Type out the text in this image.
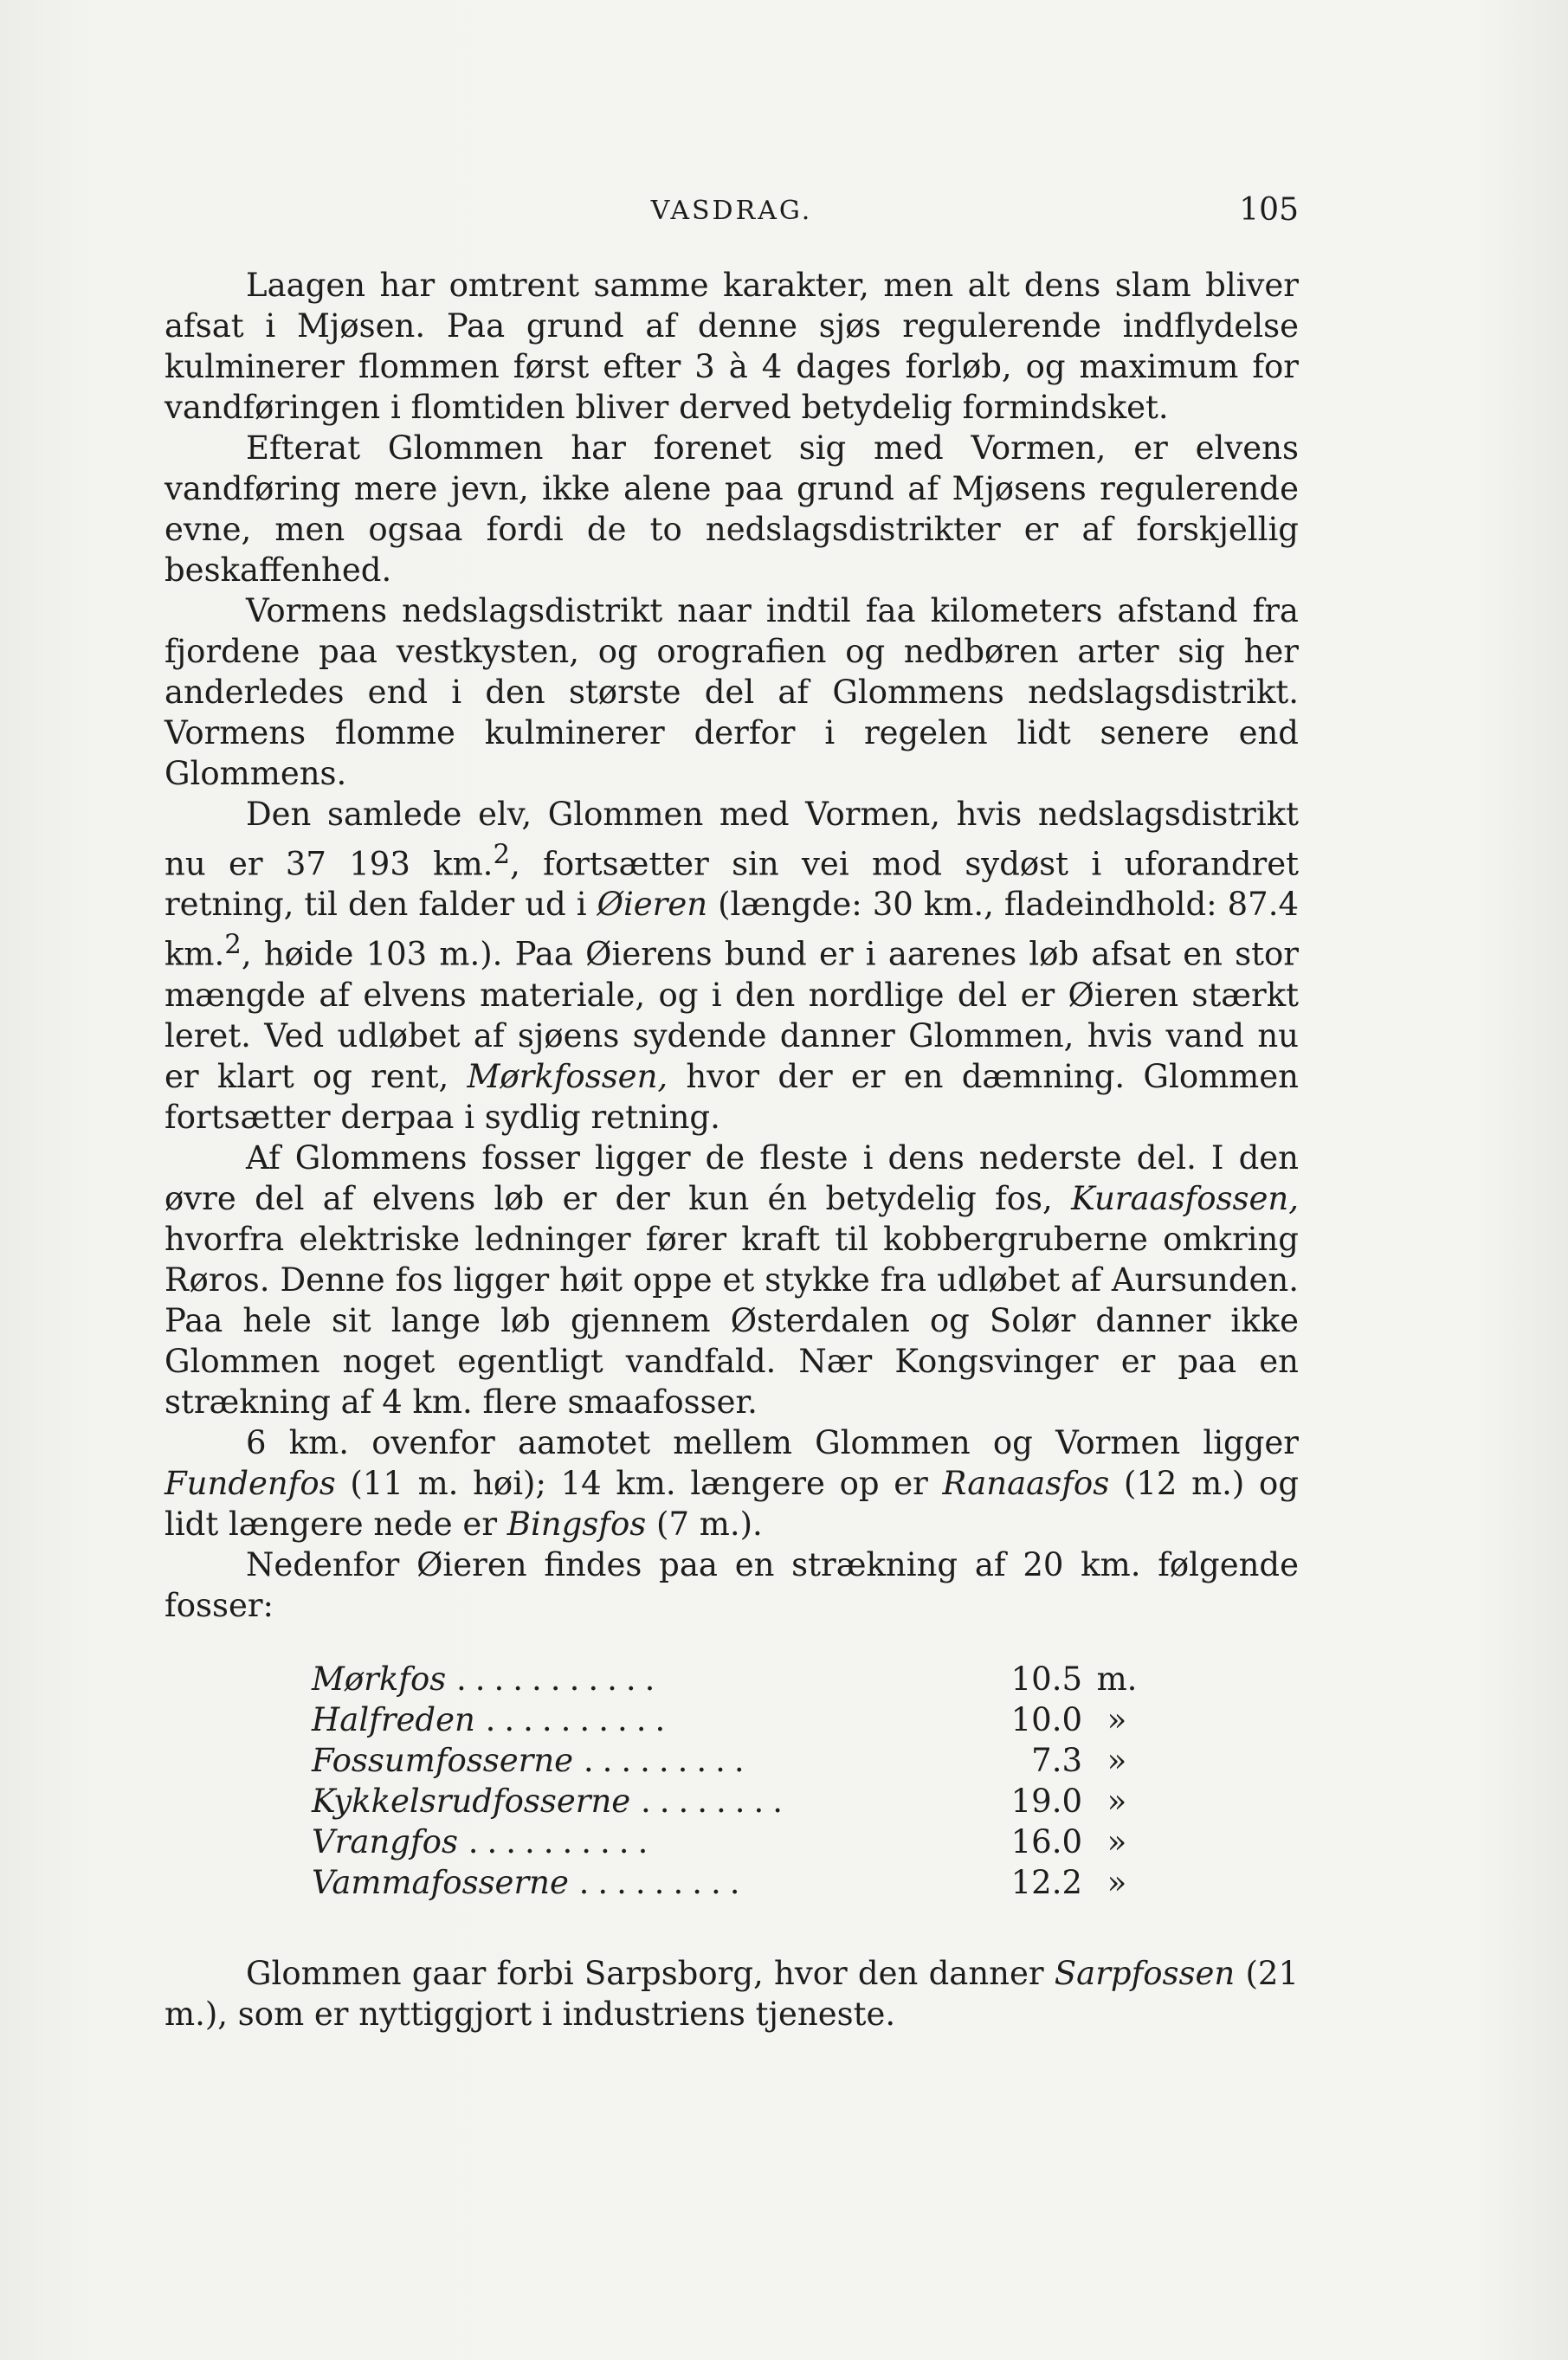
VASDRAG.	105

Laagen har omtrent samme karakter, men alt dens slam bliver afsat i Mjøsen. Paa grund af denne sjøs regulerende indflydelse kulminerer flommen først efter 3 à 4 dages forløb, og maximum for vandføringen i flomtiden bliver derved betydelig formindsket.

Efterat Glommen har forenet sig med Vormen, er elvens vandføring mere jevn, ikke alene paa grund af Mjøsens regulerende evne, men ogsaa fordi de to nedslagsdistrikter er af forskjellig beskaffenhed.

Vormens nedslagsdistrikt naar indtil faa kilometers afstand fra fjordene paa vestkysten, og orografien og nedbøren arter sig her anderledes end i den største del af Glommens nedslagsdistrikt. Vormens flomme kulminerer derfor i regelen lidt senere end Glommens.

Den samlede elv, Glommen med Vormen, hvis nedslagsdistrikt nu er 37 193 km.$^2$, fortsætter sin vei mod sydøst i uforandret retning, til den falder ud i Øieren (længde: 30 km., fladeindhold: 87.4 km.$^2$, høide 103 m.). Paa Øierens bund er i aarenes løb afsat en stor mængde af elvens materiale, og i den nordlige del er Øieren stærkt leret. Ved udløbet af sjøens sydende danner Glommen, hvis vand nu er klart og rent, Mørkfossen, hvor der er en dæmning. Glommen fortsætter derpaa i sydlig retning.

Af Glommens fosser ligger de fleste i dens nederste del. I den øvre del af elvens løb er der kun én betydelig fos, Kuraasfossen, hvorfra elektriske ledninger fører kraft til kobbergruberne omkring Røros. Denne fos ligger høit oppe et stykke fra udløbet af Aursunden. Paa hele sit lange løb gjennem Østerdalen og Solør danner ikke Glommen noget egentligt vandfald. Nær Kongsvinger er paa en strækning af 4 km. flere smaafosser.

6 km. ovenfor aamotet mellem Glommen og Vormen ligger Fundenfos (11 m. høi); 14 km. længere op er Ranaasfos (12 m.) og lidt længere nede er Bingsfos (7 m.).

Nedenfor Øieren findes paa en strækning af 20 km. følgende fosser:

Mørkfos ...........	10.5	m.
Halfreden ..........	10.0	»
Fossumfosserne .........	7.3	»
Kykkelsrudfosserne ........	19.0	»
Vrangfos ..........	16.0	»
Vammafosserne .........	12.2	»

Glommen gaar forbi Sarpsborg, hvor den danner Sarpfossen (21 m.), som er nyttiggjort i industriens tjeneste.
